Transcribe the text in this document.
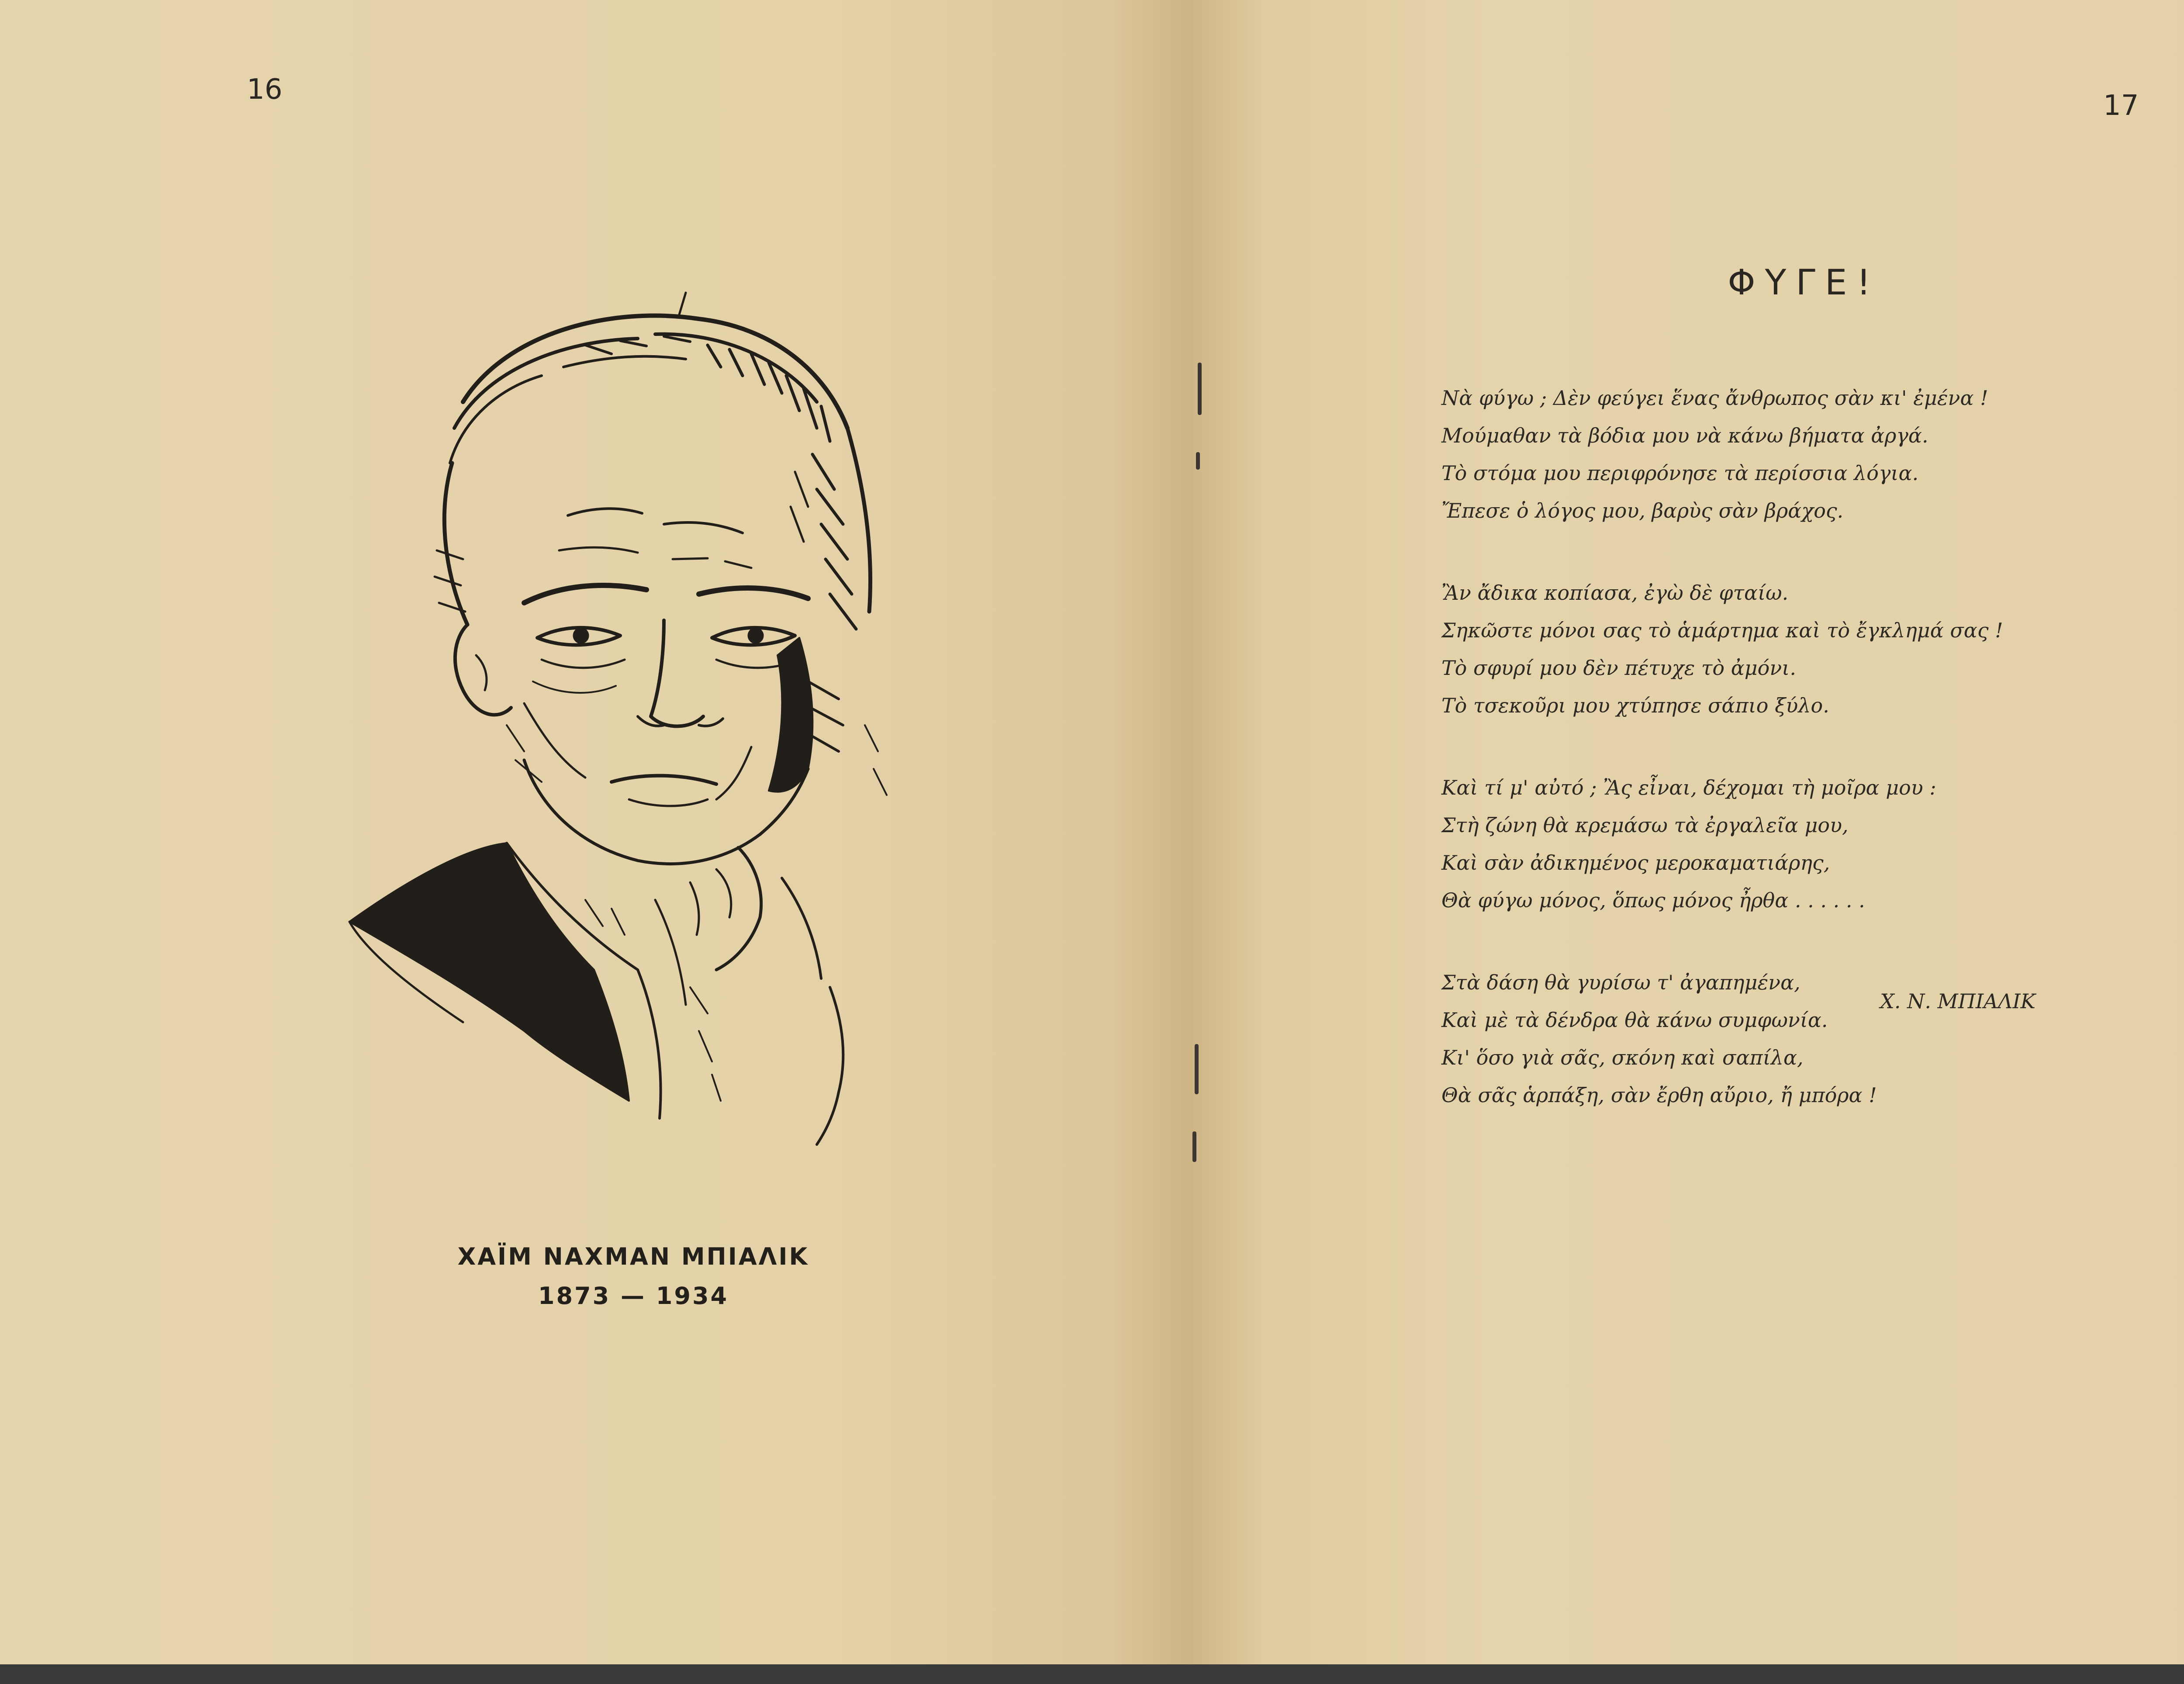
16

ΧΑΪΜ ΝΑΧΜΑΝ ΜΠΙΑΛΙΚ

1873 — 1934

17

ΦΥΓΕ!

Νὰ φύγω ; Δὲν φεύγει ἕνας ἄνθρωπος σὰν κι' ἐμένα !
Μούμαθαν τὰ βόδια μου νὰ κάνω βήματα ἀργά.
Τὸ στόμα μου περιφρόνησε τὰ περίσσια λόγια.
Ἔπεσε ὁ λόγος μου, βαρὺς σὰν βράχος.

Ἂν ἄδικα κοπίασα, ἐγὼ δὲ φταίω.
Σηκῶστε μόνοι σας τὸ ἁμάρτημα καὶ τὸ ἔγκλημά σας !
Τὸ σφυρί μου δὲν πέτυχε τὸ ἀμόνι.
Τὸ τσεκοῦρι μου χτύπησε σάπιο ξύλο.

Καὶ τί μ' αὐτό ; Ἂς εἶναι, δέχομαι τὴ μοῖρα μου :
Στὴ ζώνη θὰ κρεμάσω τὰ ἐργαλεῖα μου,
Καὶ σὰν ἀδικημένος μεροκαματιάρης,
Θὰ φύγω μόνος, ὅπως μόνος ἦρθα . . . . . .

Στὰ δάση θὰ γυρίσω τ' ἀγαπημένα,
Καὶ μὲ τὰ δένδρα θὰ κάνω συμφωνία.
Κι' ὅσο γιὰ σᾶς, σκόνη καὶ σαπίλα,
Θὰ σᾶς ἁρπάξη, σὰν ἔρθη αὔριο, ἤ μπόρα !

Χ. Ν. ΜΠΙΑΛΙΚ
